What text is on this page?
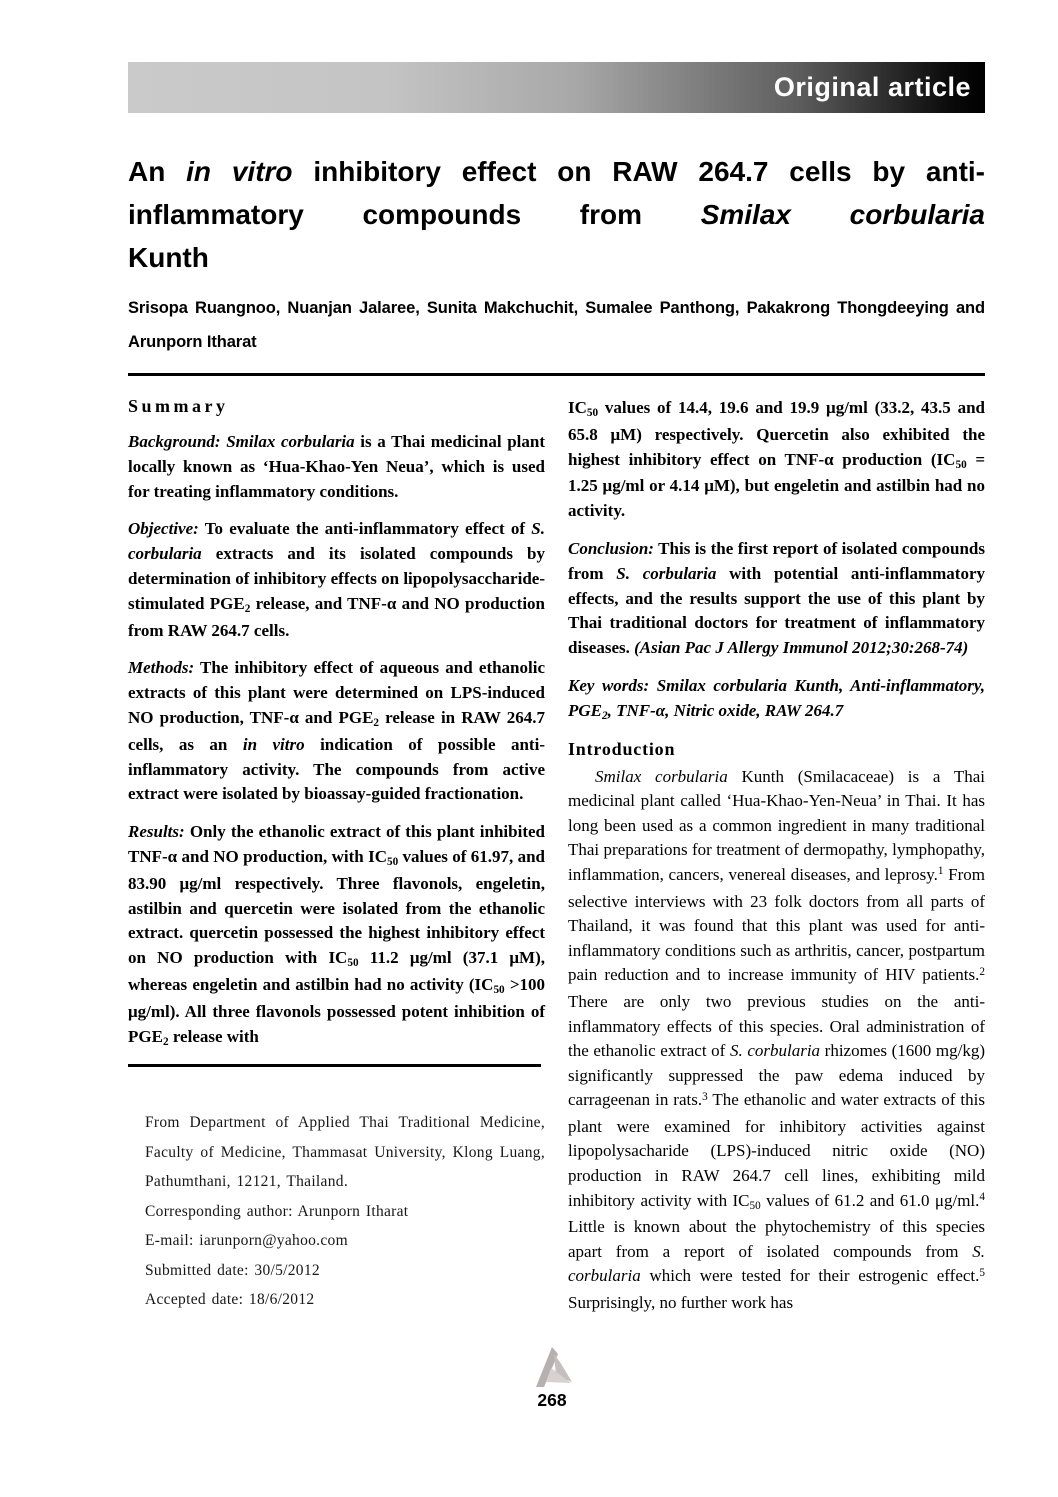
Original article
An in vitro inhibitory effect on RAW 264.7 cells by anti-
inflammatory compounds from Smilax corbularia
Kunth
Srisopa Ruangnoo, Nuanjan Jalaree, Sunita Makchuchit, Sumalee Panthong, Pakakrong Thongdeeying and Arunporn Itharat
Summary

Background: Smilax corbularia is a Thai medicinal plant locally known as ‘Hua-Khao-Yen Neua’, which is used for treating inflammatory conditions.

Objective: To evaluate the anti-inflammatory effect of S. corbularia extracts and its isolated compounds by determination of inhibitory effects on lipopolysaccharide-stimulated $PGE_2$ release, and TNF-α and NO production from RAW 264.7 cells.

Methods: The inhibitory effect of aqueous and ethanolic extracts of this plant were determined on LPS-induced NO production, TNF-α and $PGE_2$ release in RAW 264.7 cells, as an in vitro indication of possible anti-inflammatory activity. The compounds from active extract were isolated by bioassay-guided fractionation.

Results: Only the ethanolic extract of this plant inhibited TNF-α and NO production, with $IC_{50}$ values of 61.97, and 83.90 μg/ml respectively. Three flavonols, engeletin, astilbin and quercetin were isolated from the ethanolic extract. quercetin possessed the highest inhibitory effect on NO production with $IC_{50}$ 11.2 μg/ml (37.1 μM), whereas engeletin and astilbin had no activity ($IC_{50} >100$ μg/ml). All three flavonols possessed potent inhibition of $PGE_2$ release with

From Department of Applied Thai Traditional Medicine, Faculty of Medicine, Thammasat University, Klong Luang, Pathumthani, 12121, Thailand.

Corresponding author: Arunporn Itharat

E-mail: iarunporn@yahoo.com

Submitted date: 30/5/2012

Accepted date: 18/6/2012

$IC_{50}$ values of 14.4, 19.6 and 19.9 μg/ml (33.2, 43.5 and 65.8 μM) respectively. Quercetin also exhibited the highest inhibitory effect on TNF-α production ($IC_{50} = 1.25$ μg/ml or 4.14 μM), but engeletin and astilbin had no activity.

Conclusion: This is the first report of isolated compounds from S. corbularia with potential anti-inflammatory effects, and the results support the use of this plant by Thai traditional doctors for treatment of inflammatory diseases. (Asian Pac J Allergy Immunol 2012;30:268-74)

Key words: Smilax corbularia Kunth, Anti-inflammatory, $PGE_2$, TNF-α, Nitric oxide, RAW 264.7

Introduction

Smilax corbularia Kunth (Smilacaceae) is a Thai medicinal plant called ‘Hua-Khao-Yen-Neua’ in Thai. It has long been used as a common ingredient in many traditional Thai preparations for treatment of dermopathy, lymphopathy, inflammation, cancers, venereal diseases, and leprosy.$^1$ From selective interviews with 23 folk doctors from all parts of Thailand, it was found that this plant was used for anti-inflammatory conditions such as arthritis, cancer, postpartum pain reduction and to increase immunity of HIV patients.$^2$ There are only two previous studies on the anti-inflammatory effects of this species. Oral administration of the ethanolic extract of S. corbularia rhizomes (1600 mg/kg) significantly suppressed the paw edema induced by carrageenan in rats.$^3$ The ethanolic and water extracts of this plant were examined for inhibitory activities against lipopolysacharide (LPS)-induced nitric oxide (NO) production in RAW 264.7 cell lines, exhibiting mild inhibitory activity with $IC_{50}$ values of 61.2 and 61.0 μg/ml.$^4$ Little is known about the phytochemistry of this species apart from a report of isolated compounds from S. corbularia which were tested for their estrogenic effect.$^5$ Surprisingly, no further work has

268
